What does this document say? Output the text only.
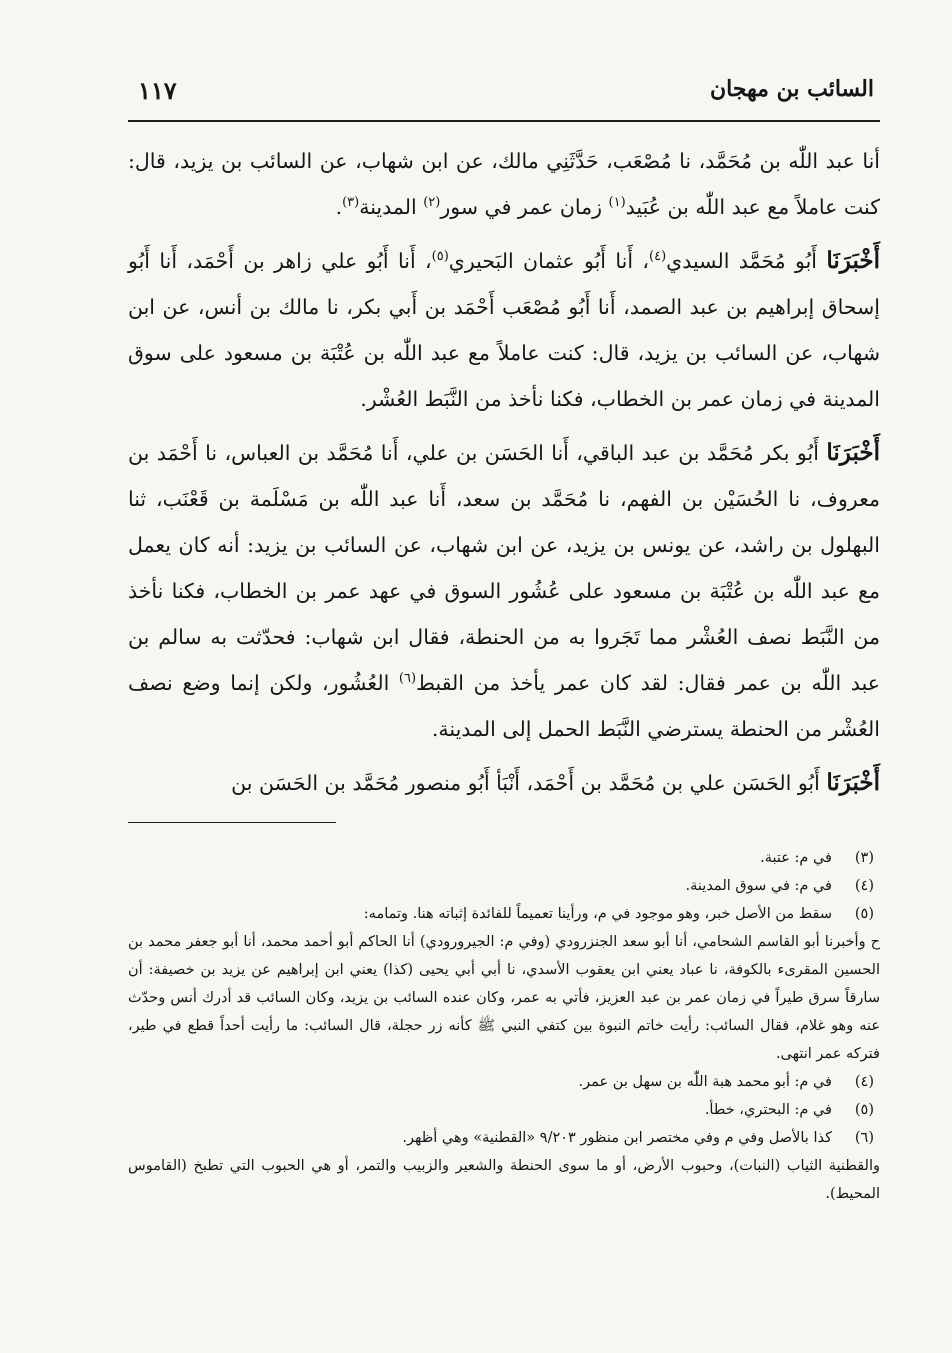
السائب بن مهجان
١١٧

أنا عبد اللّٰه بن مُحَمَّد، نا مُصْعَب، حَدَّثَنِي مالك، عن ابن شهاب، عن السائب بن يزيد، قال: كنت عاملاً مع عبد اللّٰه بن عُبَيد$^{(١)}$ زمان عمر في سور$^{(٢)}$ المدينة$^{(٣)}$.

أَخْبَرَنَا أَبُو مُحَمَّد السيدي$^{(٤)}$، أَنا أَبُو عثمان البَحيري$^{(٥)}$، أَنا أَبُو علي زاهر بن أَحْمَد، أَنا أَبُو إسحاق إبراهيم بن عبد الصمد، أَنا أَبُو مُصْعَب أَحْمَد بن أَبي بكر، نا مالك بن أنس، عن ابن شهاب، عن السائب بن يزيد، قال: كنت عاملاً مع عبد اللّٰه بن عُتْبَة بن مسعود على سوق المدينة في زمان عمر بن الخطاب، فكنا نأخذ من النَّبَط العُشْر.

أَخْبَرَنَا أَبُو بكر مُحَمَّد بن عبد الباقي، أَنا الحَسَن بن علي، أَنا مُحَمَّد بن العباس، نا أَحْمَد بن معروف، نا الحُسَيْن بن الفهم، نا مُحَمَّد بن سعد، أَنا عبد اللّٰه بن مَسْلَمة بن قَعْنَب، ثنا البهلول بن راشد، عن يونس بن يزيد، عن ابن شهاب، عن السائب بن يزيد: أنه كان يعمل مع عبد اللّٰه بن عُتْبَة بن مسعود على عُشُور السوق في عهد عمر بن الخطاب، فكنا نأخذ من النَّبَط نصف العُشْر مما تَجَروا به من الحنطة، فقال ابن شهاب: فحدّثت به سالم بن عبد اللّٰه بن عمر فقال: لقد كان عمر يأخذ من القبط$^{(٦)}$ العُشُور، ولكن إنما وضع نصف العُشْر من الحنطة يسترضي النَّبَط الحمل إلى المدينة.

أَخْبَرَنَا أَبُو الحَسَن علي بن مُحَمَّد بن أَحْمَد، أَنْبَأ أَبُو منصور مُحَمَّد بن الحَسَن بن

(٣)
في م: عتبة.
(٤)
في م: في سوق المدينة.
(٥)
سقط من الأصل خبر، وهو موجود في م، ورأينا تعميماً للفائدة إثباته هنا. وتمامه:
ح وأخبرنا أبو القاسم الشحامي، أنا أبو سعد الجنزرودي (وفي م: الجيرورودي) أنا الحاكم أبو أحمد محمد، أنا أبو جعفر محمد بن الحسين المقرىء بالكوفة، نا عباد يعني ابن يعقوب الأسدي، نا أبي أبي يحيى (كذا) يعني ابن إبراهيم عن يزيد بن خصيفة: أن سارقاً سرق طيراً في زمان عمر بن عبد العزيز، فأتي به عمر، وكان عنده السائب بن يزيد، وكان السائب قد أدرك أنس وحدّث عنه وهو غلام، فقال السائب: رأيت خاتم النبوة بين كتفي النبي ﷺ كأنه زر حجلة، قال السائب: ما رأيت أحداً قطع في طير، فتركه عمر انتهى.
(٤)
في م: أبو محمد هبة اللّٰه بن سهل بن عمر.
(٥)
في م: البحتري، خطأ.
(٦)
كذا بالأصل وفي م وفي مختصر ابن منظور ٩/٢٠٣ «القطنية» وهي أظهر.
والقطنية الثياب (النبات)، وحبوب الأرض، أو ما سوى الحنطة والشعير والزبيب والتمر، أو هي الحبوب التي تطبخ (القاموس المحيط).
